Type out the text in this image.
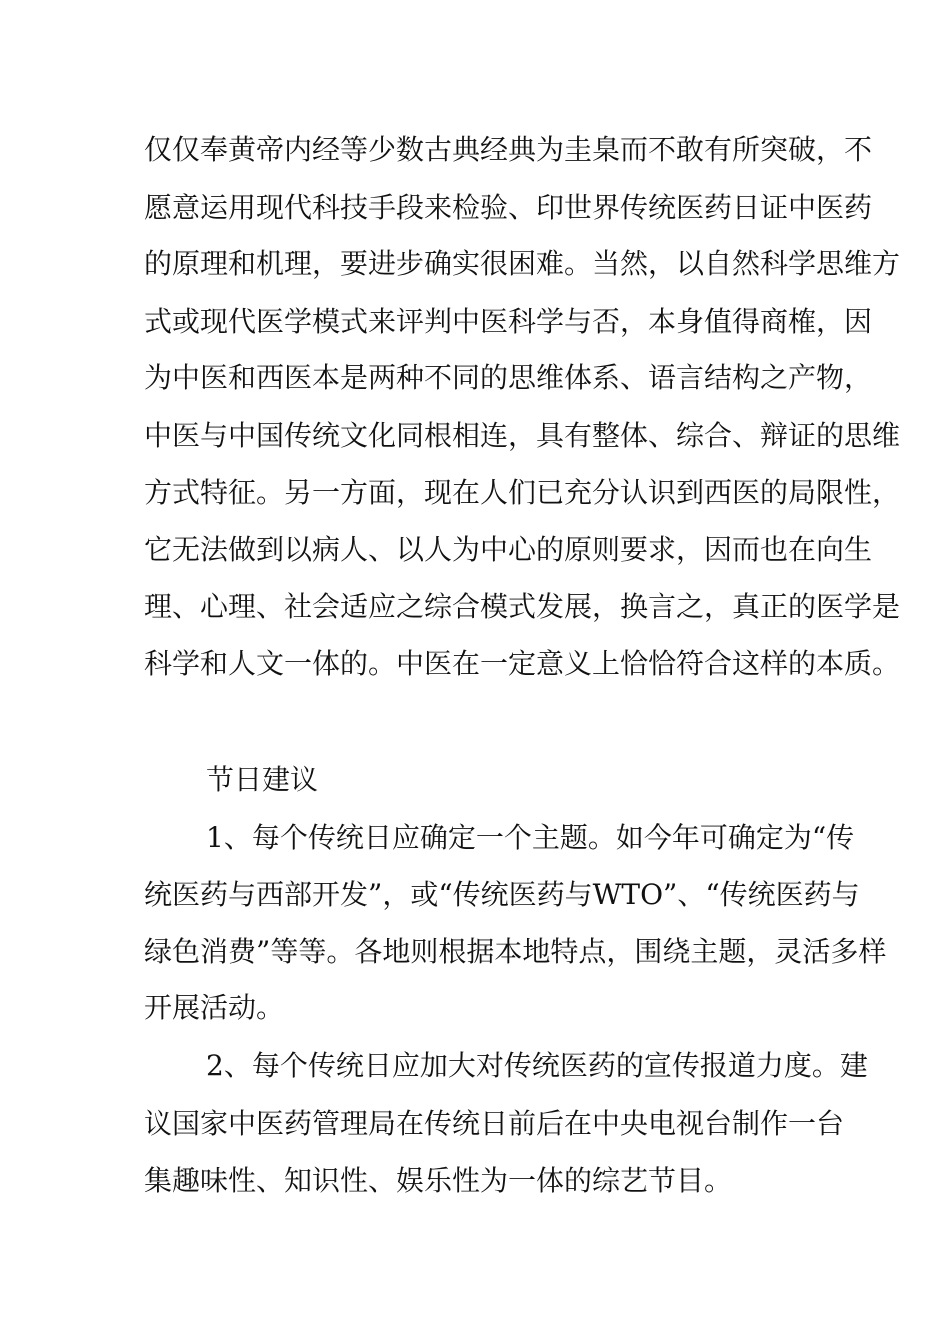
仅仅奉黄帝内经等少数古典经典为圭臬而不敢有所突破，不
愿意运用现代科技手段来检验、印世界传统医药日证中医药
的原理和机理，要进步确实很困难。当然，以自然科学思维方
式或现代医学模式来评判中医科学与否，本身值得商榷，因
为中医和西医本是两种不同的思维体系、语言结构之产物，
中医与中国传统文化同根相连，具有整体、综合、辩证的思维
方式特征。另一方面，现在人们已充分认识到西医的局限性，
它无法做到以病人、以人为中心的原则要求，因而也在向生
理、心理、社会适应之综合模式发展，换言之，真正的医学是
科学和人文一体的。中医在一定意义上恰恰符合这样的本质。
节日建议
1、每个传统日应确定一个主题。如今年可确定为“传
统医药与西部开发”，或“传统医药与WTO”、“传统医药与
绿色消费”等等。各地则根据本地特点，围绕主题，灵活多样
开展活动。
2、每个传统日应加大对传统医药的宣传报道力度。建
议国家中医药管理局在传统日前后在中央电视台制作一台
集趣味性、知识性、娱乐性为一体的综艺节目。
